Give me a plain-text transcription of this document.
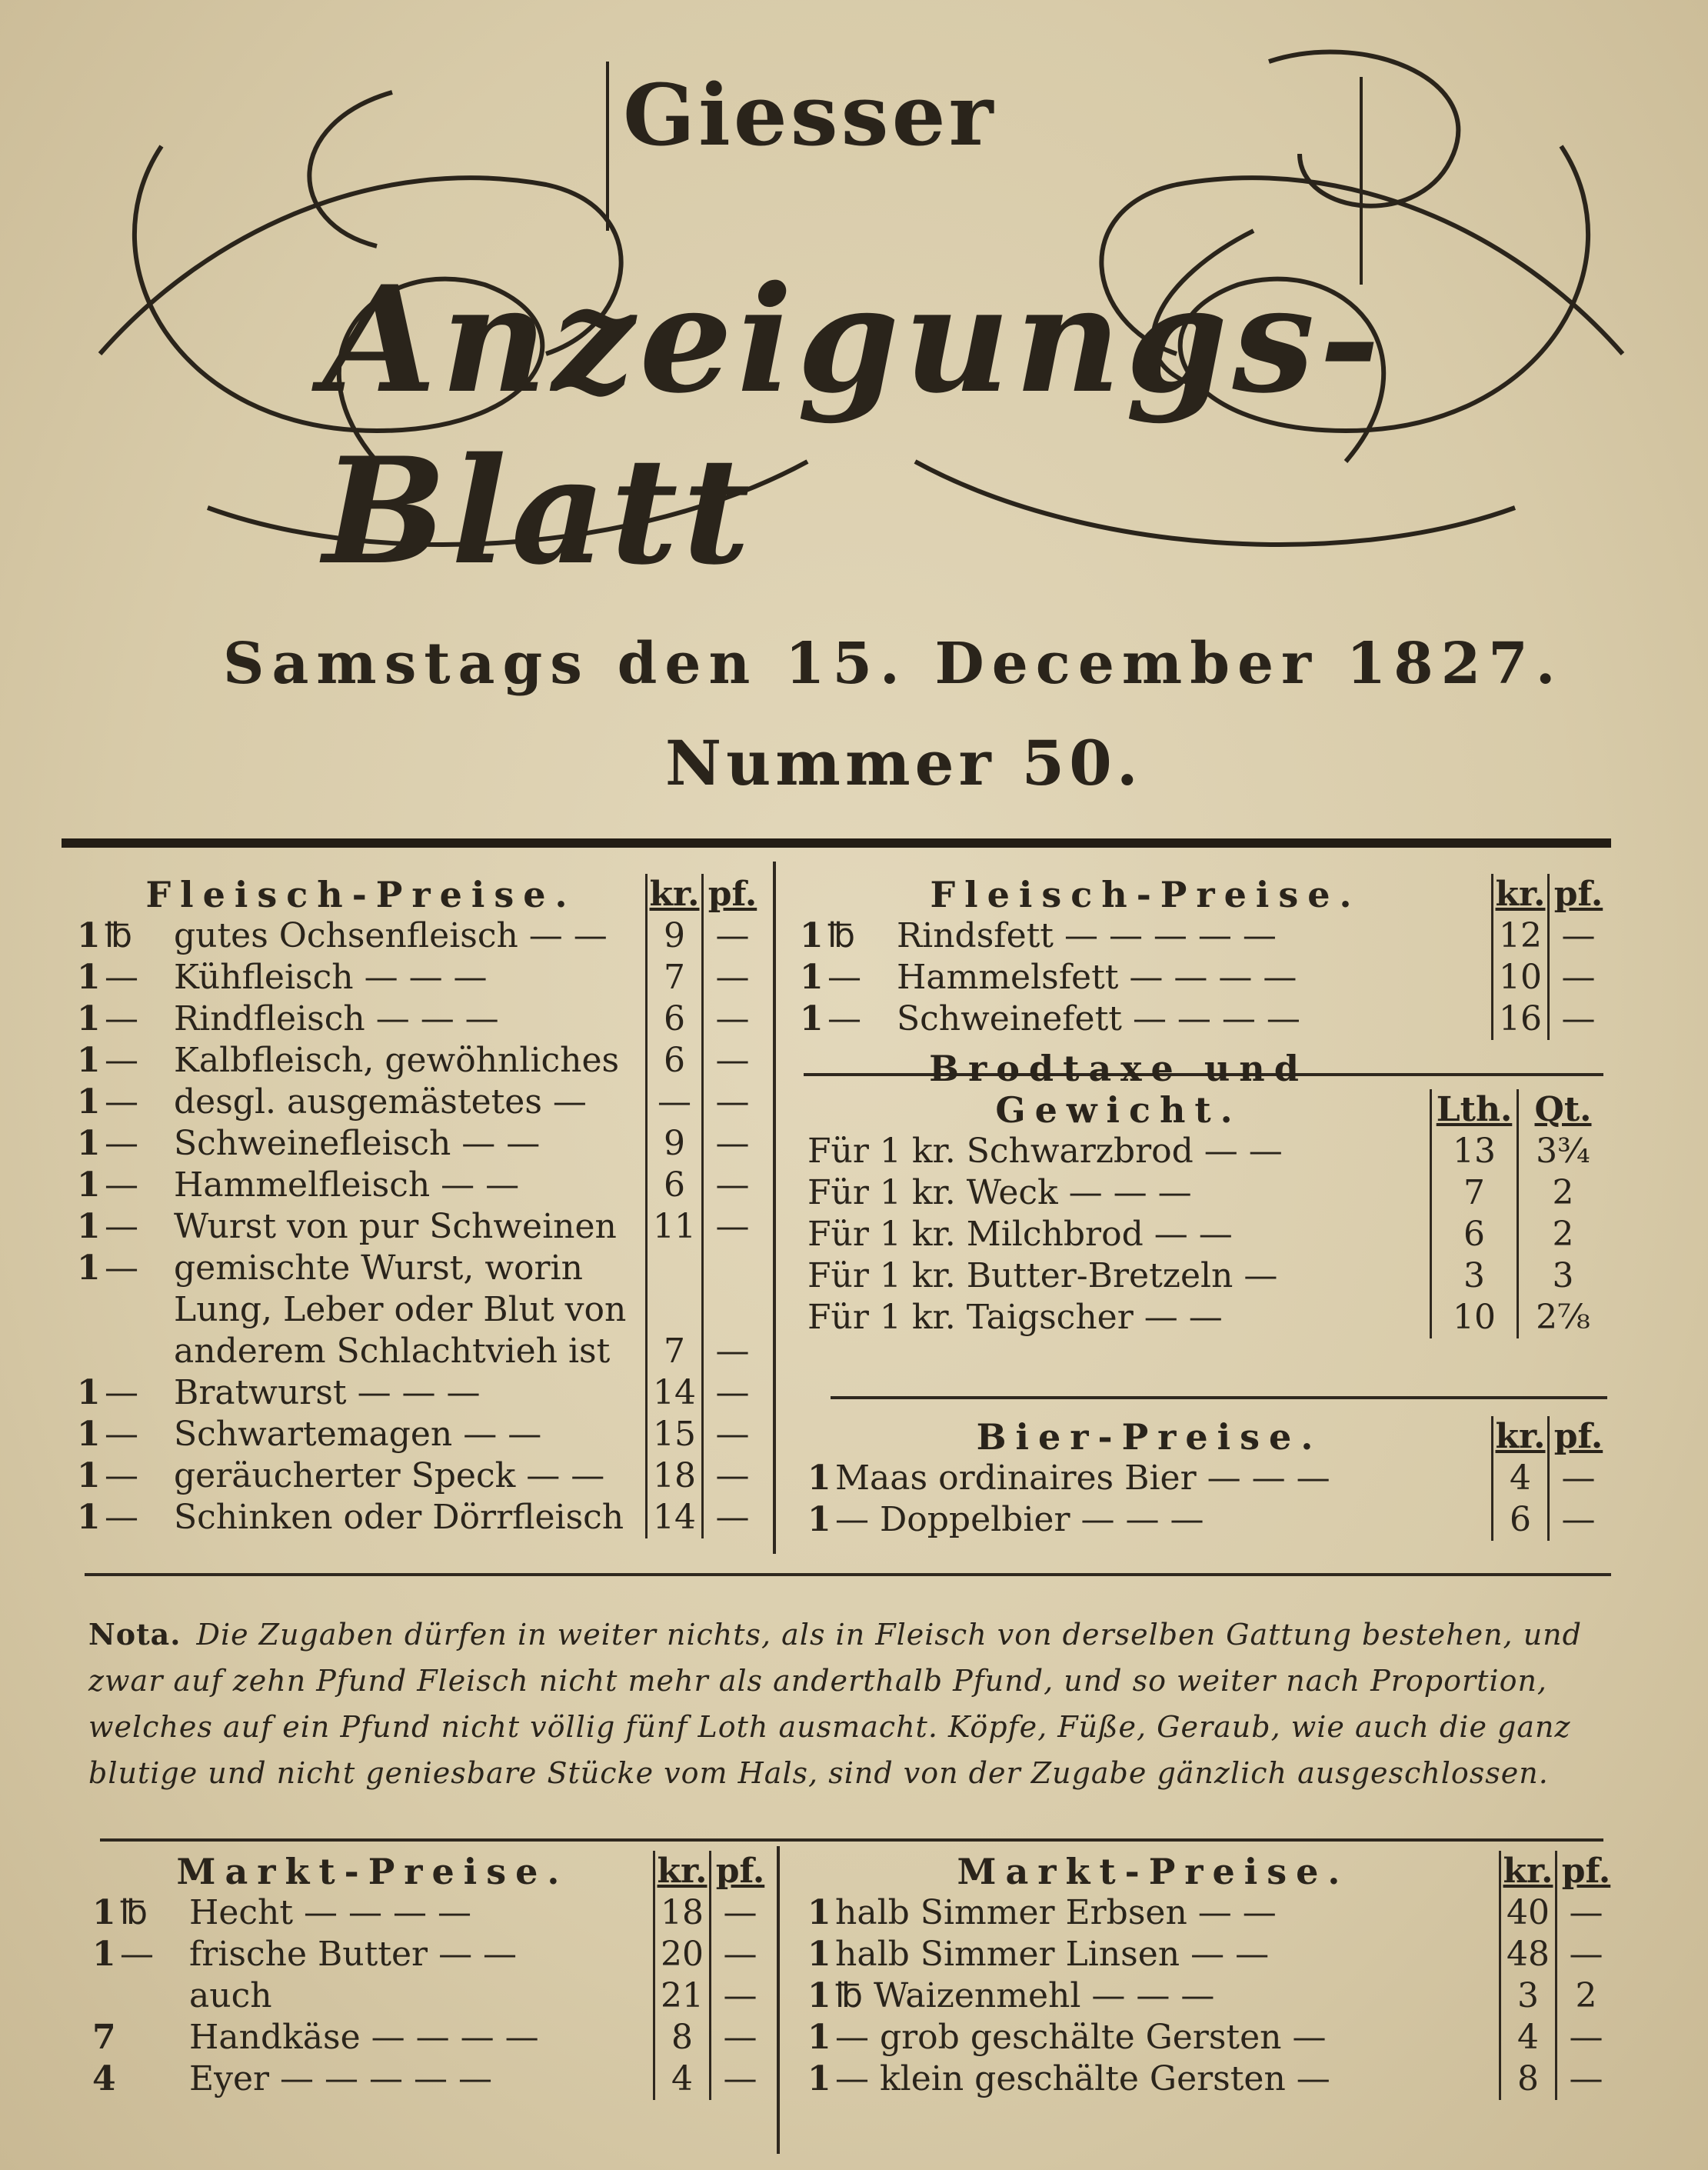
Giesser
Anzeigungs-Blatt
Samstags den 15. December 1827.
Nummer 50.
Fleisch-Preise.	kr. pf.
1 ℔	gutes Ochsenfleisch — —	9 —
1 —	Kühfleisch — — —	7 —
1 —	Rindfleisch — — —	6 —
1 —	Kalbfleisch, gewöhnliches	6 —
1 —	desgl. ausgemästetes —	— —
1 —	Schweinefleisch — —	9 —
1 —	Hammelfleisch — —	6 —
1 —	Wurst von pur Schweinen	11 —
1 —	gemischte Wurst, worin
Lung, Leber oder Blut von
anderem Schlachtvieh ist	7 —
1 —	Bratwurst — — —	14 —
1 —	Schwartemagen — —	15 —
1 —	geräucherter Speck — —	18 —
1 —	Schinken oder Dörrfleisch 14 —
Fleisch-Preise.	kr. pf.
1 ℔	Rindsfett — — — — —	12 —
1 —	Hammelsfett — — — —	10 —
1 —	Schweinefett — — — —	16 —
Brodtaxe und Gewicht.	Lth. Qt.
Für 1 kr. Schwarzbrod — —	13	3¾
Für 1 kr. Weck — — —	7	2
Für 1 kr. Milchbrod — —	6	2
Für 1 kr. Butter-Bretzeln —	3	3
Für 1 kr. Taigscher — —	10	2⅞
Bier-Preise.	kr. pf.
1 Maas ordinaires Bier — — —	4 —
1 — Doppelbier — — —	6 —
Nota. Die Zugaben dürfen in weiter nichts, als in Fleisch von derselben Gattung bestehen, und zwar auf zehn Pfund Fleisch nicht mehr als anderthalb Pfund, und so weiter nach Proportion, welches auf ein Pfund nicht völlig fünf Loth ausmacht. Köpfe, Füße, Geraub, wie auch die ganz blutige und nicht geniesbare Stücke vom Hals, sind von der Zugabe gänzlich ausgeschlossen.
Markt-Preise.	kr. pf.
1 ℔	Hecht — — — —	18 —
1 —	frische Butter — —	20 —
auch	21 —
7 Handkäse — — — —	8 —
4 Eyer — — — — —	4 —
Markt-Preise.	kr. pf.
1 halb Simmer Erbsen — —	40 —
1 halb Simmer Linsen — —	48 —
1 ℔ Waizenmehl — — —	3	2
1 — grob geschälte Gersten —	4 —
1 — klein geschälte Gersten —	8 —
